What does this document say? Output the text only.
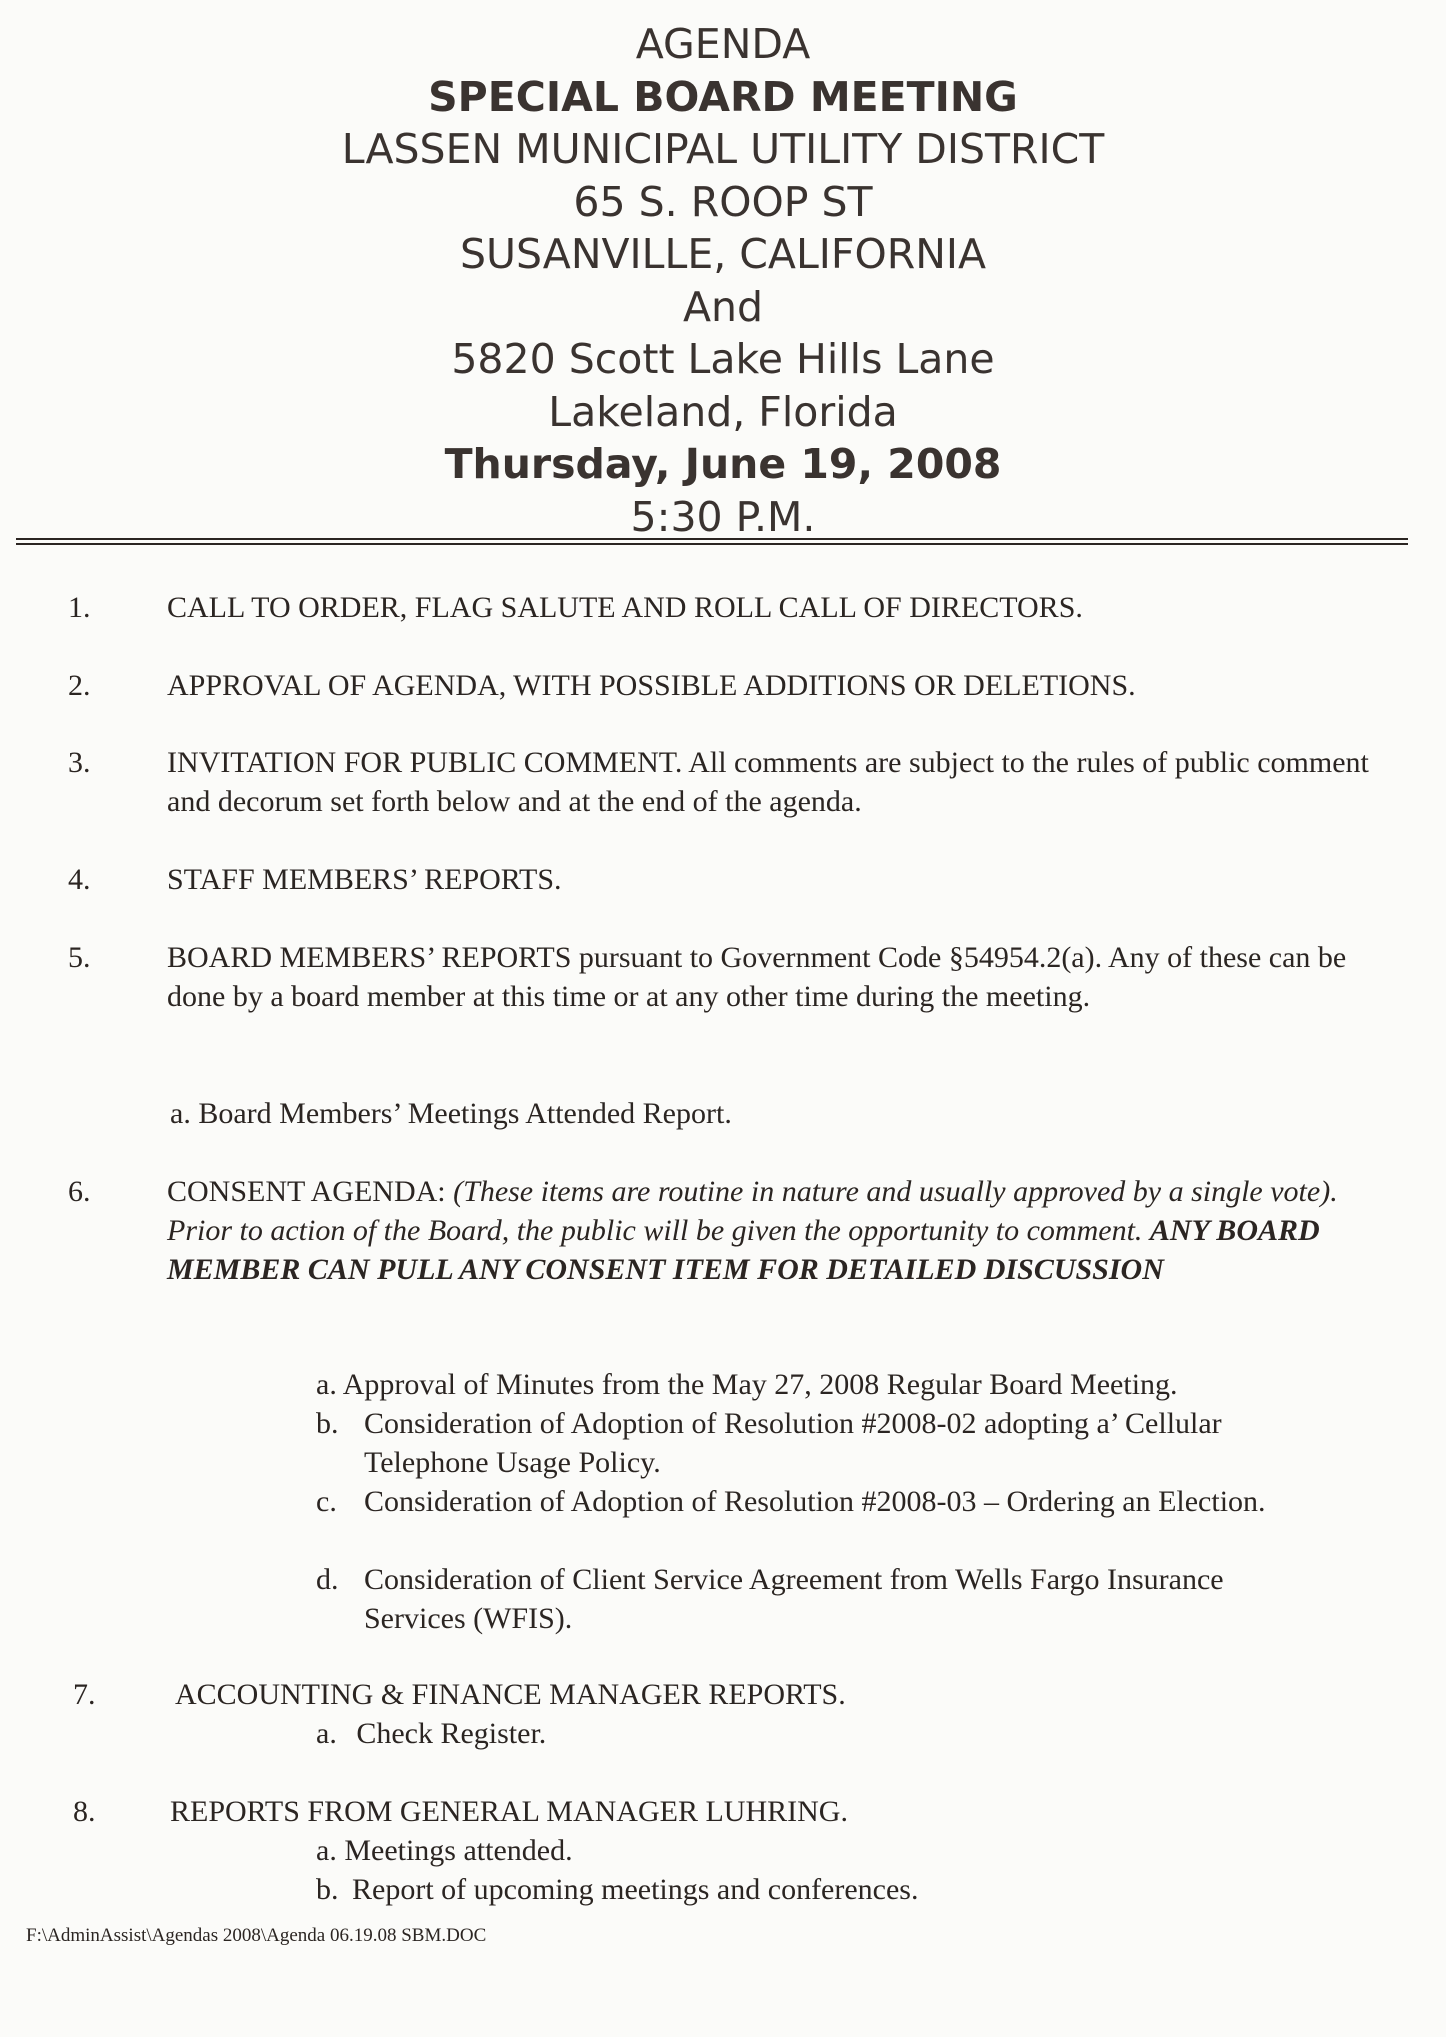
AGENDA
SPECIAL BOARD MEETING
LASSEN MUNICIPAL UTILITY DISTRICT
65 S. ROOP ST
SUSANVILLE, CALIFORNIA
And
5820 Scott Lake Hills Lane
Lakeland, Florida
Thursday, June 19, 2008
5:30 P.M.
1.	CALL TO ORDER, FLAG SALUTE AND ROLL CALL OF DIRECTORS.
2.	APPROVAL OF AGENDA, WITH POSSIBLE ADDITIONS OR DELETIONS.
3.	INVITATION FOR PUBLIC COMMENT. All comments are subject to the rules of public comment and decorum set forth below and at the end of the agenda.
4.	STAFF MEMBERS’ REPORTS.
5.	BOARD MEMBERS’ REPORTS pursuant to Government Code §54954.2(a). Any of these can be done by a board member at this time or at any other time during the meeting.
a. Board Members’ Meetings Attended Report.
6.	CONSENT AGENDA: (These items are routine in nature and usually approved by a single vote). Prior to action of the Board, the public will be given the opportunity to comment. ANY BOARD MEMBER CAN PULL ANY CONSENT ITEM FOR DETAILED DISCUSSION
a. Approval of Minutes from the May 27, 2008 Regular Board Meeting.
b. Consideration of Adoption of Resolution #2008-02 adopting a’ Cellular Telephone Usage Policy.
c. Consideration of Adoption of Resolution #2008-03 – Ordering an Election.
d. Consideration of Client Service Agreement from Wells Fargo Insurance Services (WFIS).
7.	ACCOUNTING & FINANCE MANAGER REPORTS.
a. Check Register.
8. REPORTS FROM GENERAL MANAGER LUHRING.
a. Meetings attended.
b. Report of upcoming meetings and conferences.
F:\AdminAssist\Agendas 2008\Agenda 06.19.08 SBM.DOC
